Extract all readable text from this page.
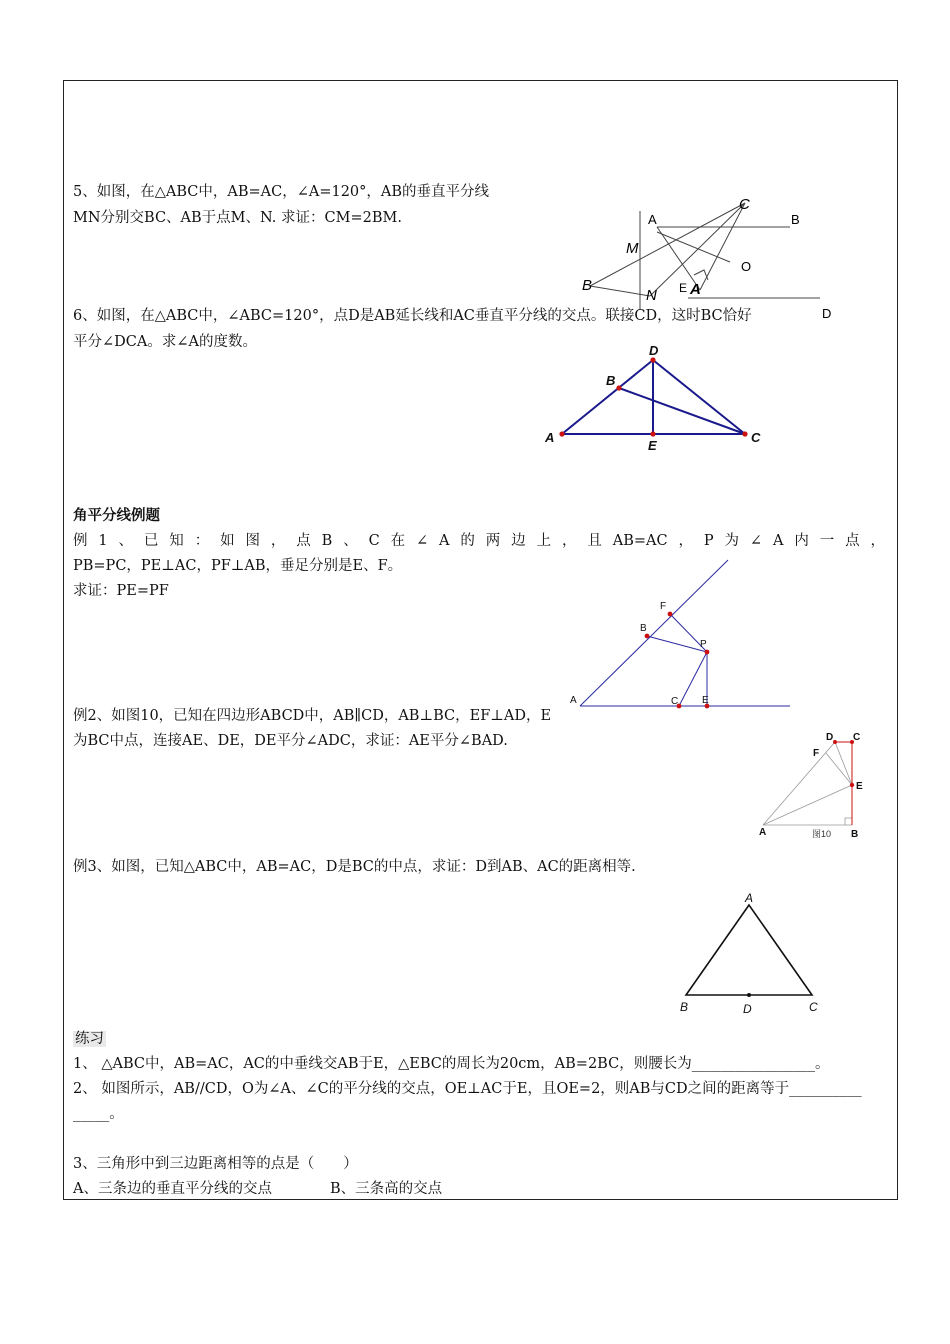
5、如图，在△ABC中，AB=AC，∠A=120°，AB的垂直平分线
MN分别交BC、AB于点M、N. 求证：CM=2BM.	A
C
B
M
O
B
N E A
D
6、如图，在△ABC中，∠ABC=120°，点D是AB延长线和AC垂直平分线的交点。联接CD，这时BC恰好
平分∠DCA。求∠A的度数。
A
D
B
C
E
角平分线例题
例 1 、 已 知 ： 如 图 ， 点 B 、 C 在 ∠ A 的 两 边 上 ， 且 AB=AC ， P 为 ∠ A 内 一 点 ，
PB=PC，PE⊥AC，PF⊥AB，垂足分别是E、F。
求证：PE=PF
F
B
P
A	C E
例2、如图10，已知在四边形ABCD中，AB∥CD，AB⊥BC，EF⊥AD，E
为BC中点，连接AE、DE，DE平分∠ADC，求证：AE平分∠BAD.
A	B
D C
E
F
图10
例3、如图，已知△ABC中，AB=AC，D是BC的中点，求证：D到AB、AC的距离相等.
A
B	D	C
练习
1、 △ABC中，AB=AC，AC的中垂线交AB于E，△EBC的周长为20cm，AB=2BC，则腰长为_________________。
2、 如图所示，AB//CD，O为∠A、∠C的平分线的交点，OE⊥AC于E，且OE=2，则AB与CD之间的距离等于__________
_____。
3、三角形中到三边距离相等的点是（　　）
A、三条边的垂直平分线的交点　　　　B、三条高的交点
